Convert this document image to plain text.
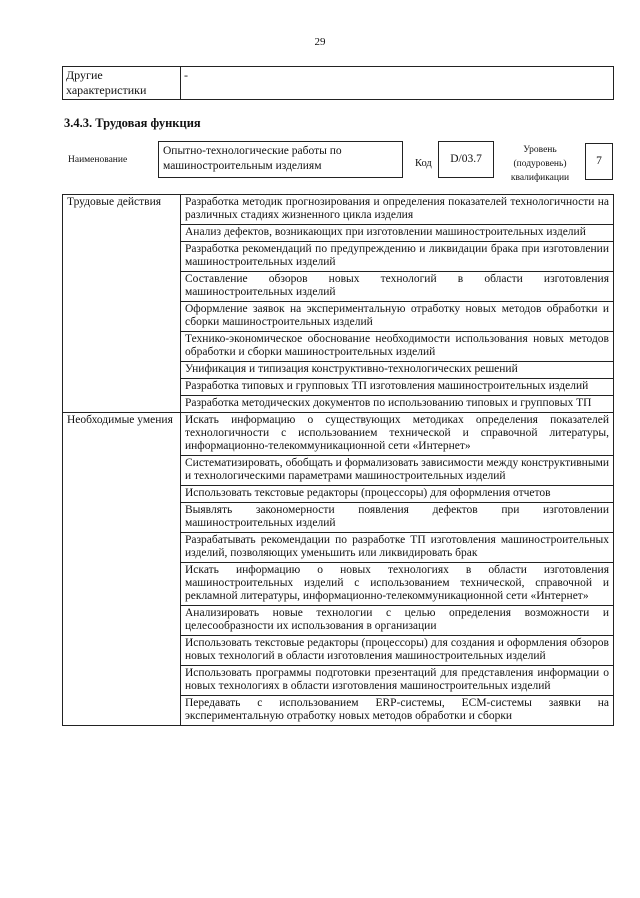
29
Другие характеристики	-
3.4.3. Трудовая функция
Наименование
Опытно-технологические работы по машиностроительным изделиям	Код	D/03.7
Уровень (подуровень) квалификации
7
Трудовые действия	Разработка методик прогнозирования и определения показателей технологичности на различных стадиях жизненного цикла изделия
	Анализ дефектов, возникающих при изготовлении машиностроительных изделий
	Разработка рекомендаций по предупреждению и ликвидации брака при изготовлении машиностроительных изделий
	Составление обзоров новых технологий в области изготовления машиностроительных изделий
	Оформление заявок на экспериментальную отработку новых методов обработки и сборки машиностроительных изделий
	Технико-экономическое обоснование необходимости использования новых методов обработки и сборки машиностроительных изделий
	Унификация и типизация конструктивно-технологических решений
	Разработка типовых и групповых ТП изготовления машиностроительных изделий
	Разработка методических документов по использованию типовых и групповых ТП
Необходимые умения	Искать информацию о существующих методиках определения показателей технологичности с использованием технической и справочной литературы, информационно-телекоммуникационной сети «Интернет»
	Систематизировать, обобщать и формализовать зависимости между конструктивными и технологическими параметрами машиностроительных изделий
	Использовать текстовые редакторы (процессоры) для оформления отчетов
	Выявлять закономерности появления дефектов при изготовлении машиностроительных изделий
	Разрабатывать рекомендации по разработке ТП изготовления машиностроительных изделий, позволяющих уменьшить или ликвидировать брак
	Искать информацию о новых технологиях в области изготовления машиностроительных изделий с использованием технической, справочной и рекламной литературы, информационно-телекоммуникационной сети «Интернет»
	Анализировать новые технологии с целью определения возможности и целесообразности их использования в организации
	Использовать текстовые редакторы (процессоры) для создания и оформления обзоров новых технологий в области изготовления машиностроительных изделий
	Использовать программы подготовки презентаций для представления информации о новых технологиях в области изготовления машиностроительных изделий
	Передавать с использованием ERP-системы, ECM-системы заявки на экспериментальную отработку новых методов обработки и сборки
